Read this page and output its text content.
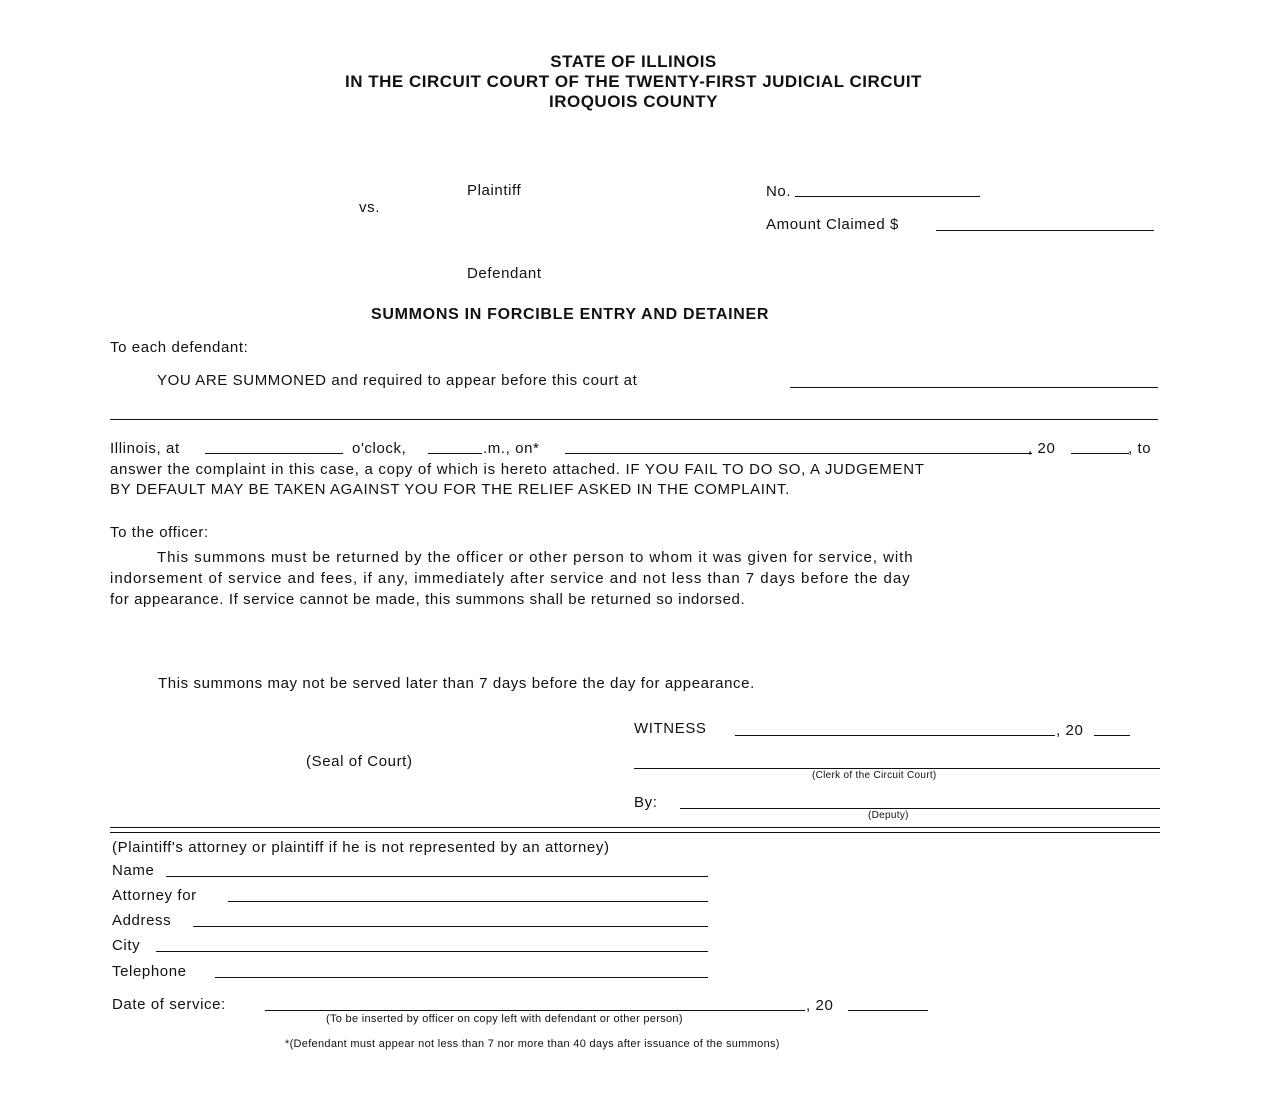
STATE OF ILLINOIS
IN THE CIRCUIT COURT OF THE TWENTY-FIRST JUDICIAL CIRCUIT
IROQUOIS COUNTY
Plaintiff
vs.
Defendant
No.
Amount Claimed $
SUMMONS IN FORCIBLE ENTRY AND DETAINER
To each defendant:
YOU ARE SUMMONED and required to appear before this court at
Illinois, at	o'clock,	.m., on*	, 20	, to
answer the complaint in this case, a copy of which is hereto attached. IF YOU FAIL TO DO SO, A JUDGEMENT
BY DEFAULT MAY BE TAKEN AGAINST YOU FOR THE RELIEF ASKED IN THE COMPLAINT.
To the officer:
This summons must be returned by the officer or other person to whom it was given for service, with
indorsement of service and fees, if any, immediately after service and not less than 7 days before the day
for appearance. If service cannot be made, this summons shall be returned so indorsed.
This summons may not be served later than 7 days before the day for appearance.
WITNESS	, 20
(Seal of Court)
(Clerk of the Circuit Court)
By:
(Deputy)
(Plaintiff's attorney or plaintiff if he is not represented by an attorney)
Name
Attorney for
Address
City
Telephone
Date of service:	, 20
(To be inserted by officer on copy left with defendant or other person)
*(Defendant must appear not less than 7 nor more than 40 days after issuance of the summons)
